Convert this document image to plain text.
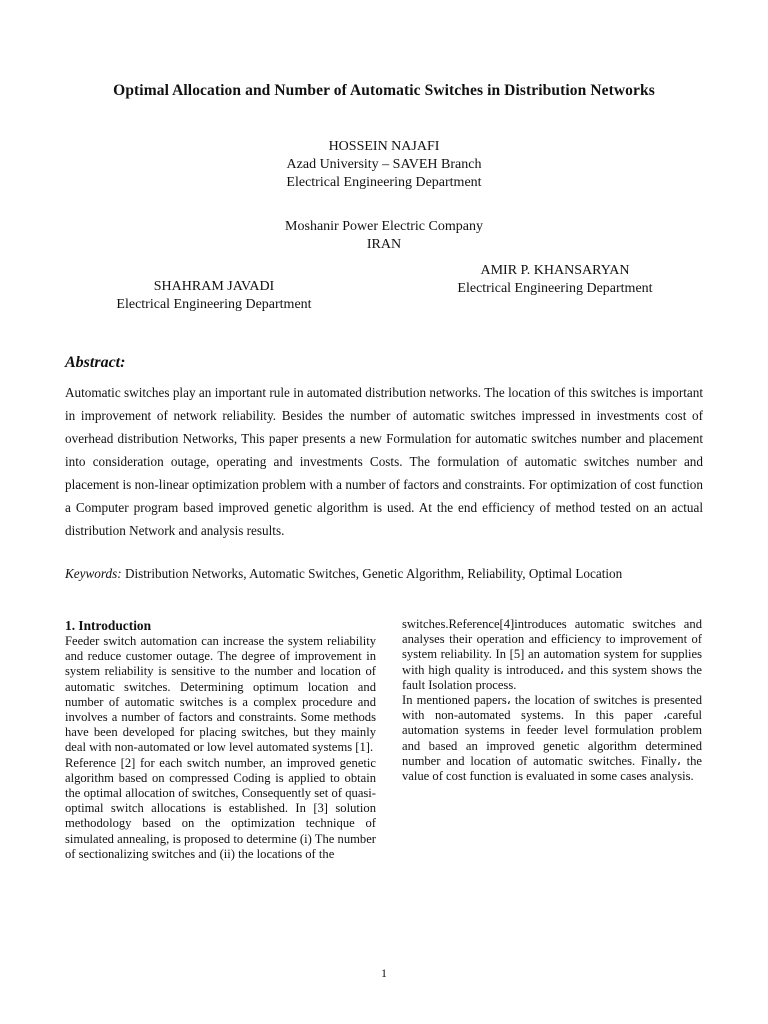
Optimal Allocation and Number of Automatic Switches in Distribution Networks
HOSSEIN NAJAFI
Azad University – SAVEH Branch
Electrical Engineering Department
Moshanir Power Electric Company
IRAN
AMIR P. KHANSARYAN
Electrical Engineering Department
SHAHRAM JAVADI
Electrical Engineering Department
Abstract:
Automatic switches play an important rule in automated distribution networks. The location of this switches is important in improvement of network reliability. Besides the number of automatic switches impressed in investments cost of overhead distribution Networks, This paper presents a new Formulation for automatic switches number and placement into consideration outage, operating and investments Costs. The formulation of automatic switches number and placement is non-linear optimization problem with a number of factors and constraints. For optimization of cost function a Computer program based improved genetic algorithm is used. At the end efficiency of method tested on an actual distribution Network and analysis results.
Keywords: Distribution Networks, Automatic Switches, Genetic Algorithm, Reliability, Optimal Location
1. Introduction

Feeder switch automation can increase the system reliability and reduce customer outage. The degree of improvement in system reliability is sensitive to the number and location of automatic switches. Determining optimum location and number of automatic switches is a complex procedure and involves a number of factors and constraints. Some methods have been developed for placing switches, but they mainly deal with non-automated or low level automated systems [1].

Reference [2] for each switch number, an improved genetic algorithm based on compressed Coding is applied to obtain the optimal allocation of switches, Consequently set of quasi- optimal switch allocations is established. In [3] solution methodology based on the optimization technique of simulated annealing, is proposed to determine (i) The number of sectionalizing switches and (ii) the locations of the

switches.Reference[4]introduces automatic switches and analyses their operation and efficiency to improvement of system reliability. In [5] an automation system for supplies with high quality is introduced، and this system shows the fault Isolation process.

In mentioned papers، the location of switches is presented with non-automated systems. In this paper ،careful automation systems in feeder level formulation problem and based an improved genetic algorithm determined number and location of automatic switches. Finally، the value of cost function is evaluated in some cases analysis.

1
